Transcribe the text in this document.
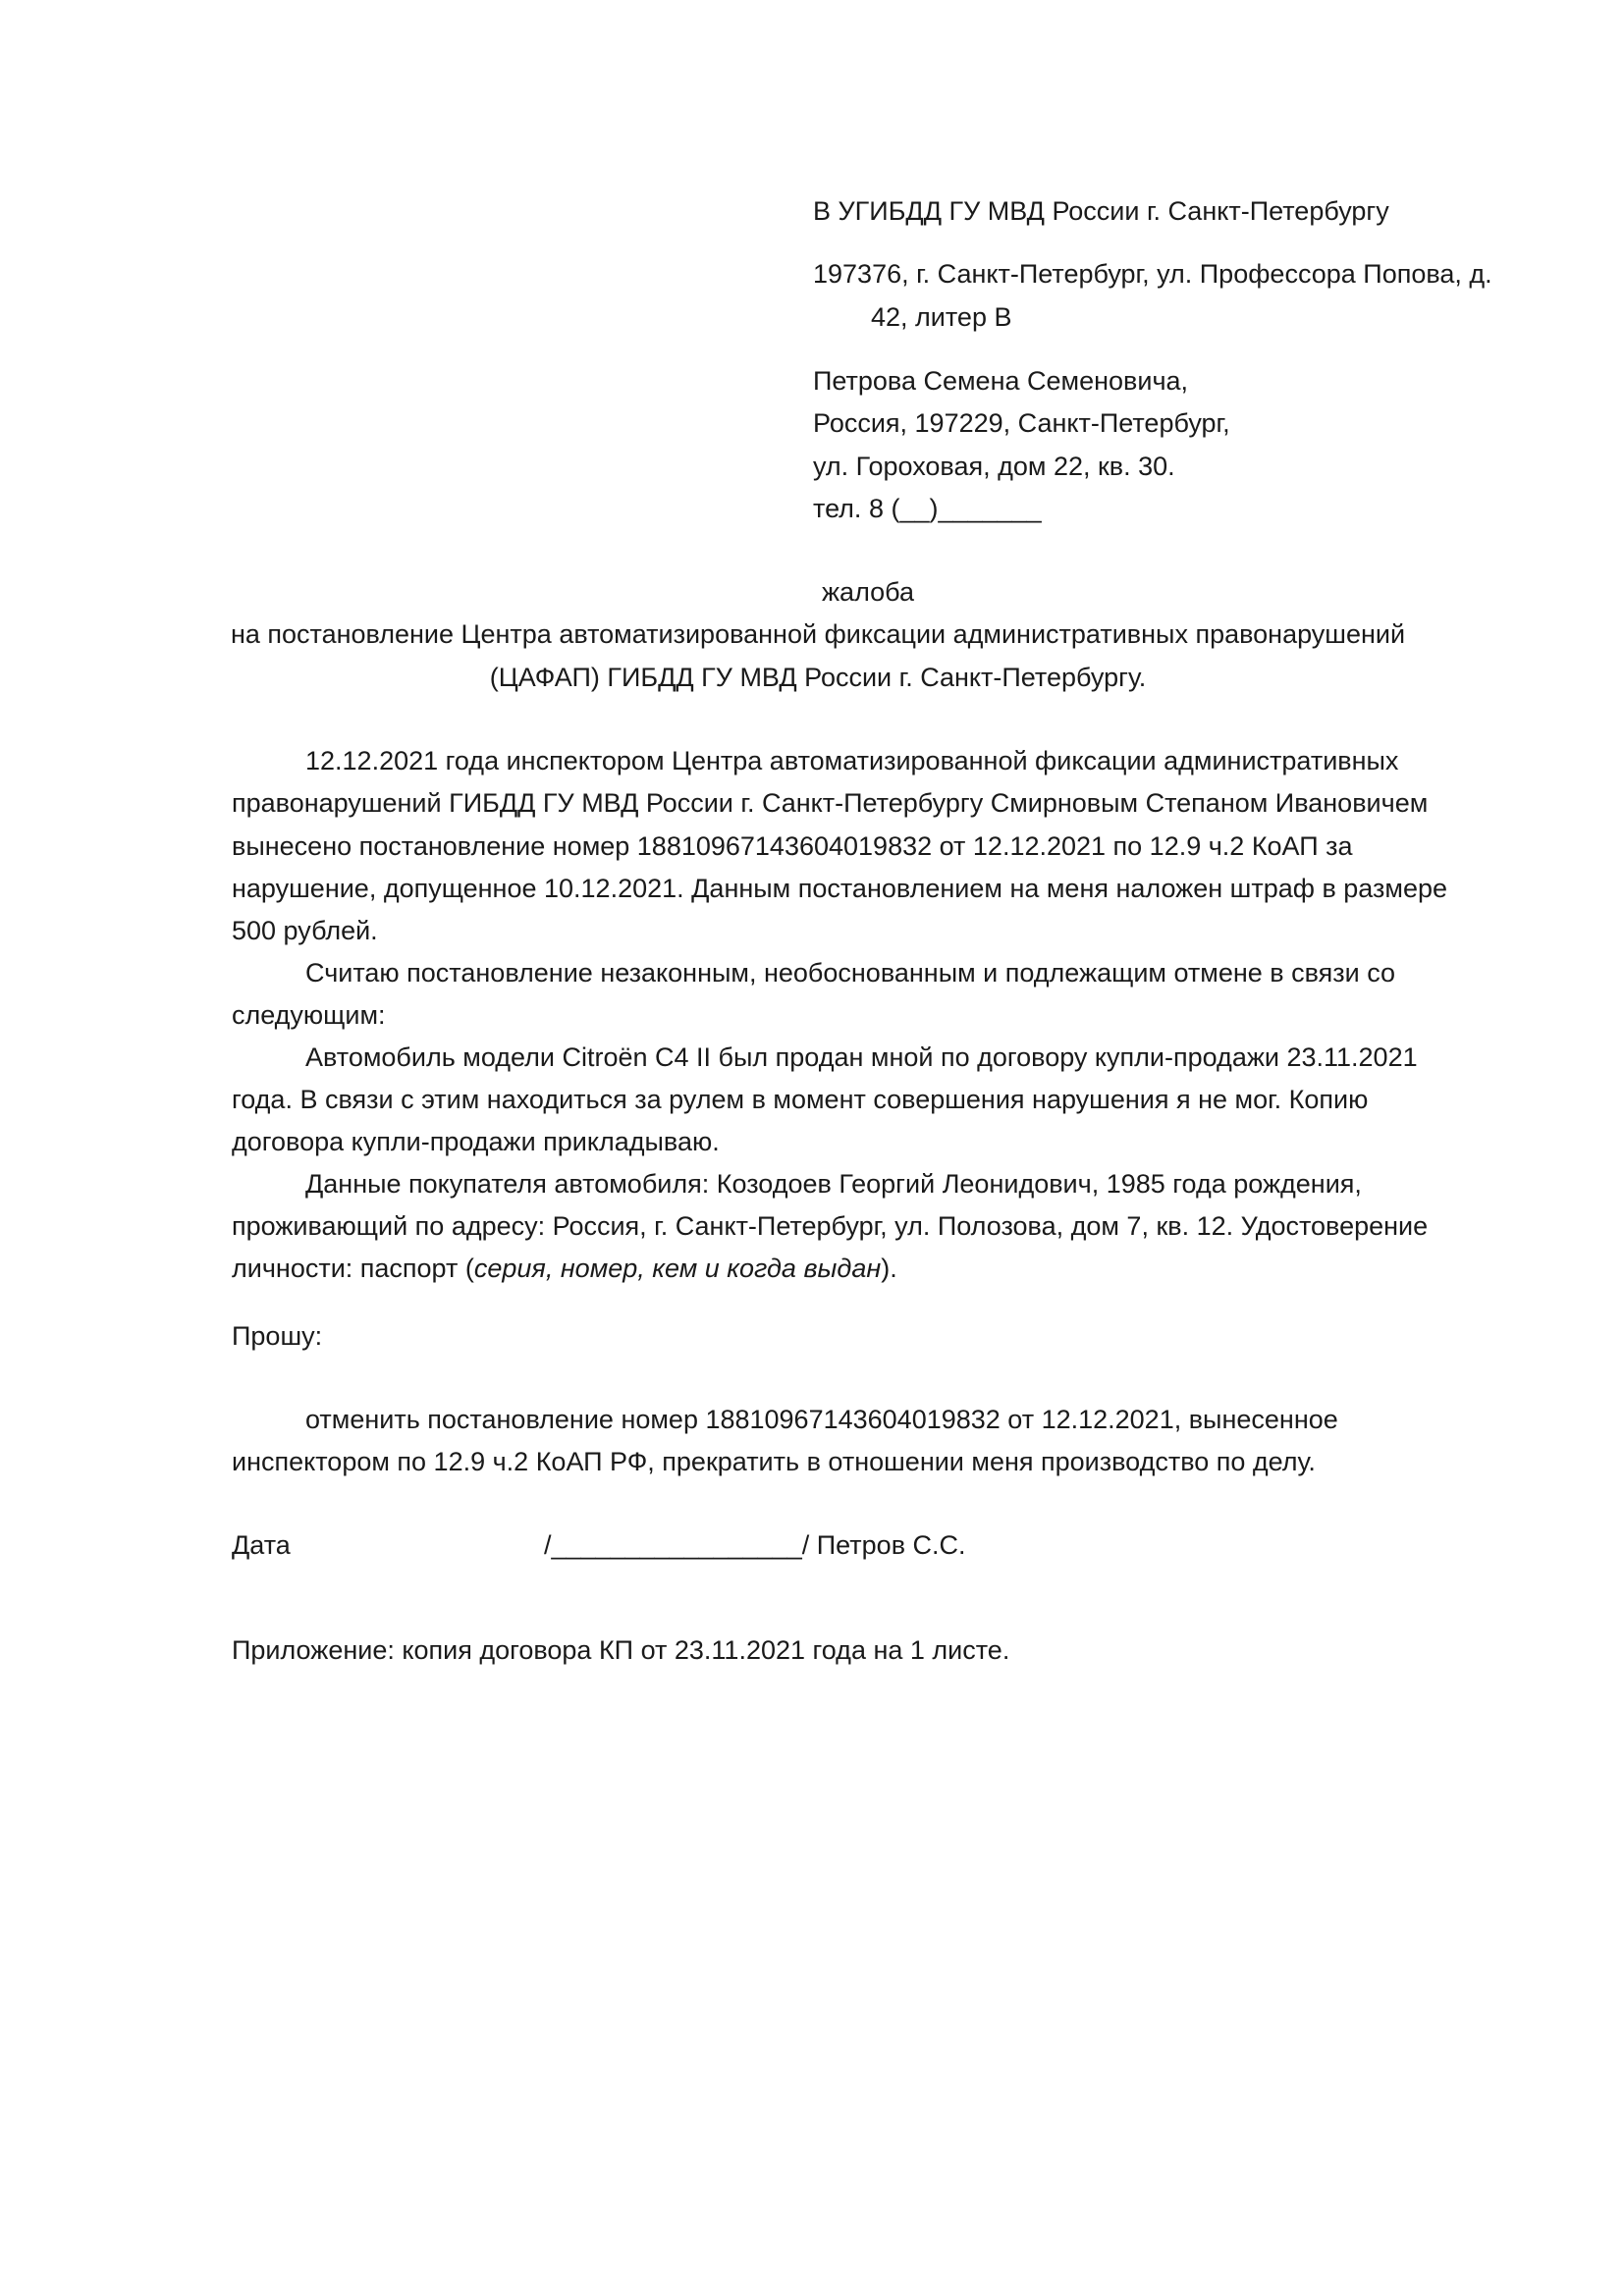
В УГИБДД ГУ МВД России г. Санкт-Петербургу
197376, г. Санкт-Петербург, ул. Профессора Попова, д.
42, литер В
Петрова Семена Семеновича,
Россия, 197229, Санкт-Петербург,
ул. Гороховая, дом 22, кв. 30.
тел. 8 (__)_______
жалоба
на постановление Центра автоматизированной фиксации административных правонарушений
(ЦАФАП) ГИБДД ГУ МВД России г. Санкт-Петербургу.
12.12.2021 года инспектором Центра автоматизированной фиксации административных
правонарушений ГИБДД ГУ МВД России г. Санкт-Петербургу Смирновым Степаном Ивановичем
вынесено постановление номер 18810967143604019832 от 12.12.2021 по 12.9 ч.2 КоАП за
нарушение, допущенное 10.12.2021. Данным постановлением на меня наложен штраф в размере
500 рублей.
Считаю постановление незаконным, необоснованным и подлежащим отмене в связи со
следующим:
Автомобиль модели Citroën C4 II был продан мной по договору купли-продажи 23.11.2021
года. В связи с этим находиться за рулем в момент совершения нарушения я не мог. Копию
договора купли-продажи прикладываю.
Данные покупателя автомобиля: Козодоев Георгий Леонидович, 1985 года рождения,
проживающий по адресу: Россия, г. Санкт-Петербург, ул. Полозова, дом 7, кв. 12. Удостоверение
личности: паспорт (серия, номер, кем и когда выдан).
Прошу:
отменить постановление номер 18810967143604019832 от 12.12.2021, вынесенное
инспектором по 12.9 ч.2 КоАП РФ, прекратить в отношении меня производство по делу.
Дата	/_________________/ Петров С.С.
Приложение: копия договора КП от 23.11.2021 года на 1 листе.
